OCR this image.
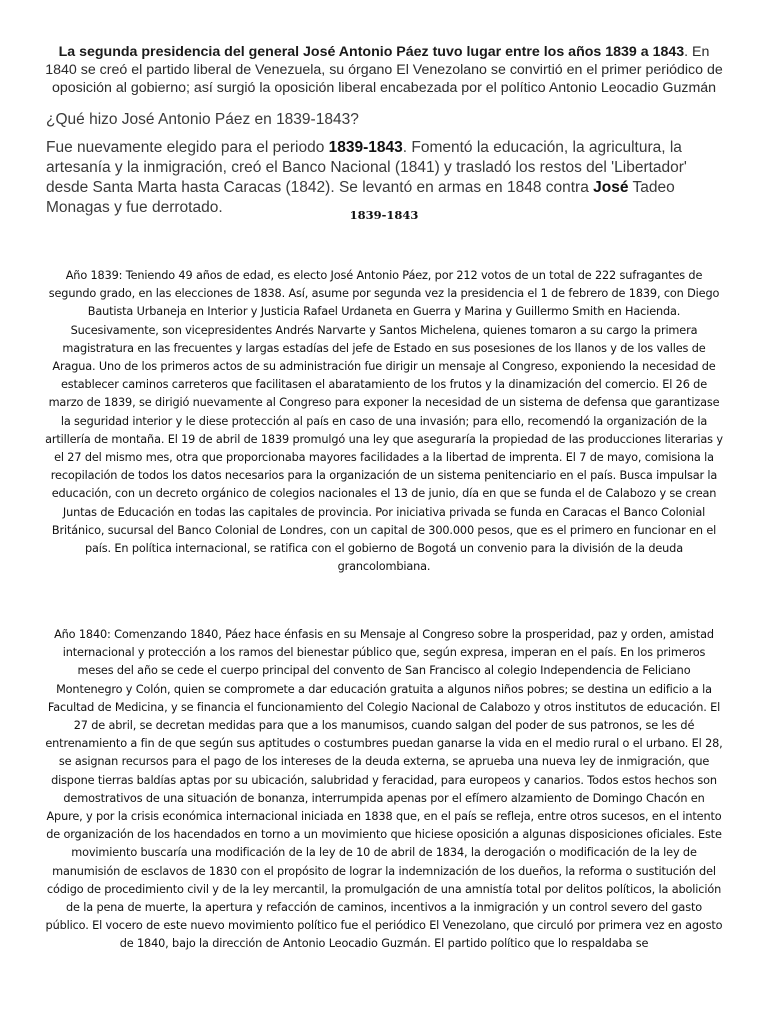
La segunda presidencia del general José Antonio Páez tuvo lugar entre los años 1839 a 1843. En 1840 se creó el partido liberal de Venezuela, su órgano El Venezolano se convirtió en el primer periódico de oposición al gobierno; así surgió la oposición liberal encabezada por el político Antonio Leocadio Guzmán
¿Qué hizo José Antonio Páez en 1839-1843?
Fue nuevamente elegido para el periodo 1839-1843. Fomentó la educación, la agricultura, la artesanía y la inmigración, creó el Banco Nacional (1841) y trasladó los restos del 'Libertador' desde Santa Marta hasta Caracas (1842). Se levantó en armas en 1848 contra José Tadeo Monagas y fue derrotado.	1839-1843
Año 1839: Teniendo 49 años de edad, es electo José Antonio Páez, por 212 votos de un total de 222 sufragantes de segundo grado, en las elecciones de 1838. Así, asume por segunda vez la presidencia el 1 de febrero de 1839, con Diego Bautista Urbaneja en Interior y Justicia Rafael Urdaneta en Guerra y Marina y Guillermo Smith en Hacienda. Sucesivamente, son vicepresidentes Andrés Narvarte y Santos Michelena, quienes tomaron a su cargo la primera magistratura en las frecuentes y largas estadías del jefe de Estado en sus posesiones de los llanos y de los valles de Aragua. Uno de los primeros actos de su administración fue dirigir un mensaje al Congreso, exponiendo la necesidad de establecer caminos carreteros que facilitasen el abaratamiento de los frutos y la dinamización del comercio. El 26 de marzo de 1839, se dirigió nuevamente al Congreso para exponer la necesidad de un sistema de defensa que garantizase la seguridad interior y le diese protección al país en caso de una invasión; para ello, recomendó la organización de la artillería de montaña. El 19 de abril de 1839 promulgó una ley que aseguraría la propiedad de las producciones literarias y el 27 del mismo mes, otra que proporcionaba mayores facilidades a la libertad de imprenta. El 7 de mayo, comisiona la recopilación de todos los datos necesarios para la organización de un sistema penitenciario en el país. Busca impulsar la educación, con un decreto orgánico de colegios nacionales el 13 de junio, día en que se funda el de Calabozo y se crean Juntas de Educación en todas las capitales de provincia. Por iniciativa privada se funda en Caracas el Banco Colonial Británico, sucursal del Banco Colonial de Londres, con un capital de 300.000 pesos, que es el primero en funcionar en el país. En política internacional, se ratifica con el gobierno de Bogotá un convenio para la división de la deuda grancolombiana.
Año 1840: Comenzando 1840, Páez hace énfasis en su Mensaje al Congreso sobre la prosperidad, paz y orden, amistad internacional y protección a los ramos del bienestar público que, según expresa, imperan en el país. En los primeros meses del año se cede el cuerpo principal del convento de San Francisco al colegio Independencia de Feliciano Montenegro y Colón, quien se compromete a dar educación gratuita a algunos niños pobres; se destina un edificio a la Facultad de Medicina, y se financia el funcionamiento del Colegio Nacional de Calabozo y otros institutos de educación. El 27 de abril, se decretan medidas para que a los manumisos, cuando salgan del poder de sus patronos, se les dé entrenamiento a fin de que según sus aptitudes o costumbres puedan ganarse la vida en el medio rural o el urbano. El 28, se asignan recursos para el pago de los intereses de la deuda externa, se aprueba una nueva ley de inmigración, que dispone tierras baldías aptas por su ubicación, salubridad y feracidad, para europeos y canarios. Todos estos hechos son demostrativos de una situación de bonanza, interrumpida apenas por el efímero alzamiento de Domingo Chacón en Apure, y por la crisis económica internacional iniciada en 1838 que, en el país se refleja, entre otros sucesos, en el intento de organización de los hacendados en torno a un movimiento que hiciese oposición a algunas disposiciones oficiales. Este movimiento buscaría una modificación de la ley de 10 de abril de 1834, la derogación o modificación de la ley de manumisión de esclavos de 1830 con el propósito de lograr la indemnización de los dueños, la reforma o sustitución del código de procedimiento civil y de la ley mercantil, la promulgación de una amnistía total por delitos políticos, la abolición de la pena de muerte, la apertura y refacción de caminos, incentivos a la inmigración y un control severo del gasto público. El vocero de este nuevo movimiento político fue el periódico El Venezolano, que circuló por primera vez en agosto de 1840, bajo la dirección de Antonio Leocadio Guzmán. El partido político que lo respaldaba se
